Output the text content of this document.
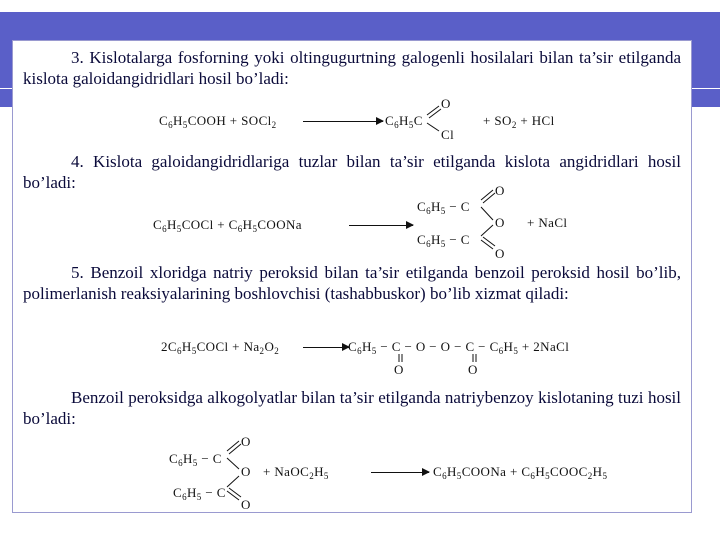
3. Kislotalarga fosforning yoki oltingugurtning galogenli hosilalari bilan ta’sir etilganda kislota galoidangidridlari hosil bo’ladi:
$C_6H_5COOH$ + SOCl$_2$	$C_6H_5C$
O
Cl
+ $SO_2$ + HCl
4. Kislota galoidangidridlariga tuzlar bilan ta’sir etilganda kislota angidridlari hosil bo’ladi:
$C_6H_5COCl$ + $C_6H_5COONa$
$C_6H_5 - C$
$C_6H_5 - C$
O
O
O
+ NaCl
5. Benzoil xloridga natriy peroksid bilan ta’sir etilganda benzoil peroksid hosil bo’lib, polimerlanish reaksiyalarining boshlovchisi (tashabbuskor) bo’lib xizmat qiladi:
$2C_6H_5COCl + Na_2O_2$	$C_6H_5 - C - O - O - C - C_6H_5$ + 2NaCl
O	O
Benzoil peroksidga alkogolyatlar bilan ta’sir etilganda natriybenzoy kislotaning tuzi hosil bo’ladi:
$C_6H_5 - C$
$C_6H_5 - C$
O
O
O
+ $NaOC_2H_5$	$C_6H_5COONa$ + $C_6H_5COOC_2H_5$
